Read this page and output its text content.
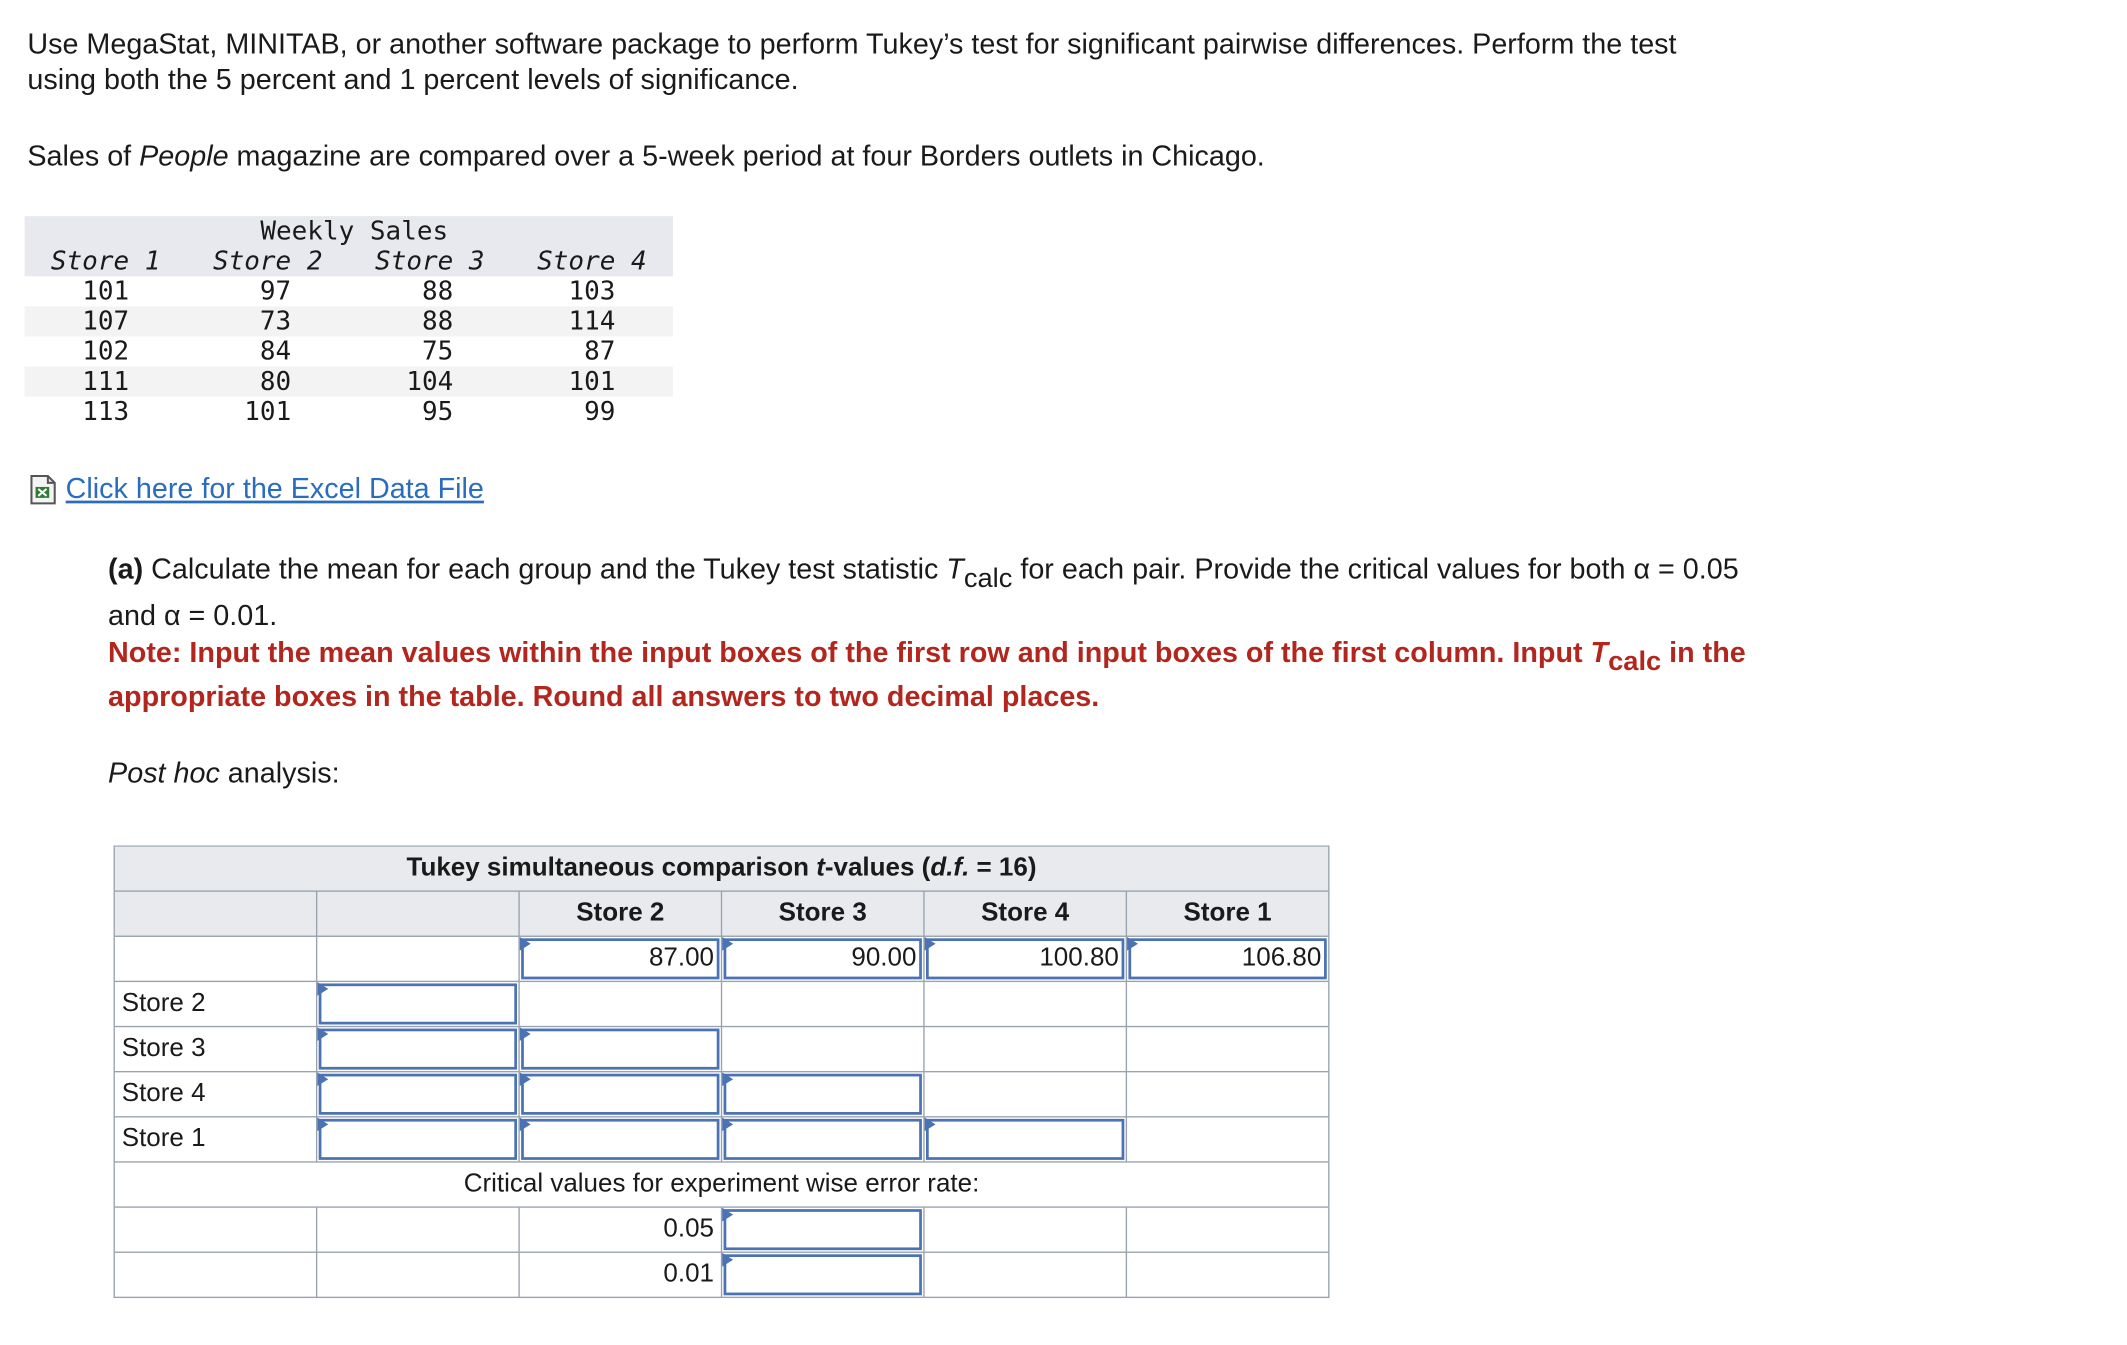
Use MegaStat, MINITAB, or another software package to perform Tukey’s test for significant pairwise differences. Perform the test
using both the 5 percent and 1 percent levels of significance.
Sales of People magazine are compared over a 5-week period at four Borders outlets in Chicago.
Weekly Sales
Store 1	Store 2	Store 3	Store 4
101	97	88	103
107	73	88	114
102	84	75	87
111	80	104	101
113	101	95	99
Click here for the Excel Data File
(a) Calculate the mean for each group and the Tukey test statistic $T_{calc}$ for each pair. Provide the critical values for both α = 0.05
and α = 0.01.
Note: Input the mean values within the input boxes of the first row and input boxes of the first column. Input $T_{calc}$ in the
appropriate boxes in the table. Round all answers to two decimal places.
Post hoc analysis:
Tukey simultaneous comparison t-values (d.f. = 16)					
		Store 2	Store 3	Store 4	Store 1
		87.00	90.00	100.80	106.80
Store 2					
Store 3					
Store 4					
Store 1					
Critical values for experiment wise error rate:					
		0.05			
		0.01			
